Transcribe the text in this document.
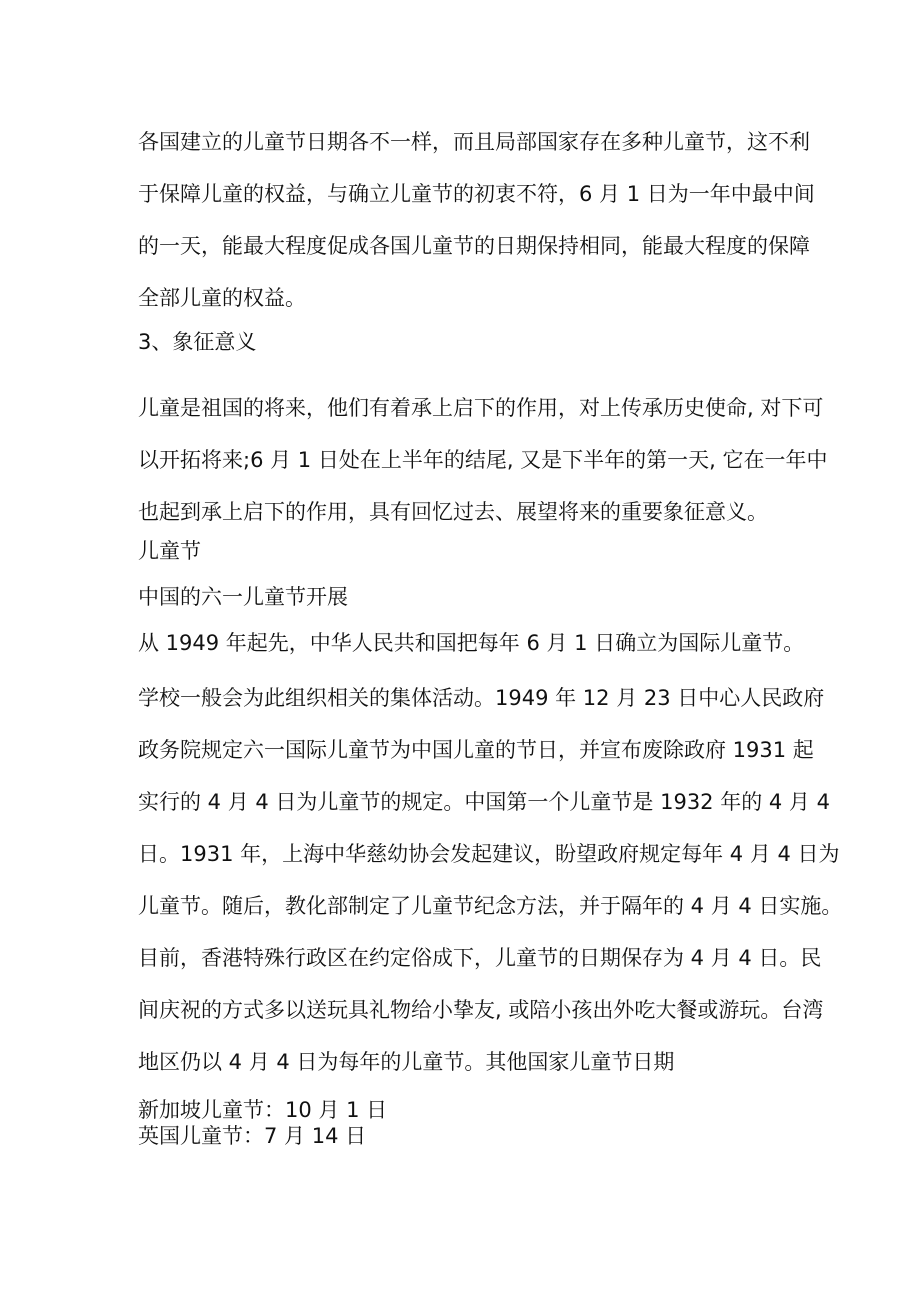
各国建立的儿童节日期各不一样，而且局部国家存在多种儿童节，这不利
于保障儿童的权益，与确立儿童节的初衷不符，6 月 1 日为一年中最中间
的一天，能最大程度促成各国儿童节的日期保持相同，能最大程度的保障
全部儿童的权益。
3、象征意义
儿童是祖国的将来，他们有着承上启下的作用，对上传承历史使命, 对下可
以开拓将来;6 月 1 日处在上半年的结尾, 又是下半年的第一天, 它在一年中
也起到承上启下的作用，具有回忆过去、展望将来的重要象征意义。
儿童节
中国的六一儿童节开展
从 1949 年起先，中华人民共和国把每年 6 月 1 日确立为国际儿童节。
学校一般会为此组织相关的集体活动。1949 年 12 月 23 日中心人民政府
政务院规定六一国际儿童节为中国儿童的节日，并宣布废除政府 1931 起
实行的 4 月 4 日为儿童节的规定。中国第一个儿童节是 1932 年的 4 月 4
日。1931 年，上海中华慈幼协会发起建议，盼望政府规定每年 4 月 4 日为
儿童节。随后，教化部制定了儿童节纪念方法，并于隔年的 4 月 4 日实施。
目前，香港特殊行政区在约定俗成下，儿童节的日期保存为 4 月 4 日。民
间庆祝的方式多以送玩具礼物给小挚友, 或陪小孩出外吃大餐或游玩。台湾
地区仍以 4 月 4 日为每年的儿童节。其他国家儿童节日期
新加坡儿童节：10 月 1 日
英国儿童节：7 月 14 日
